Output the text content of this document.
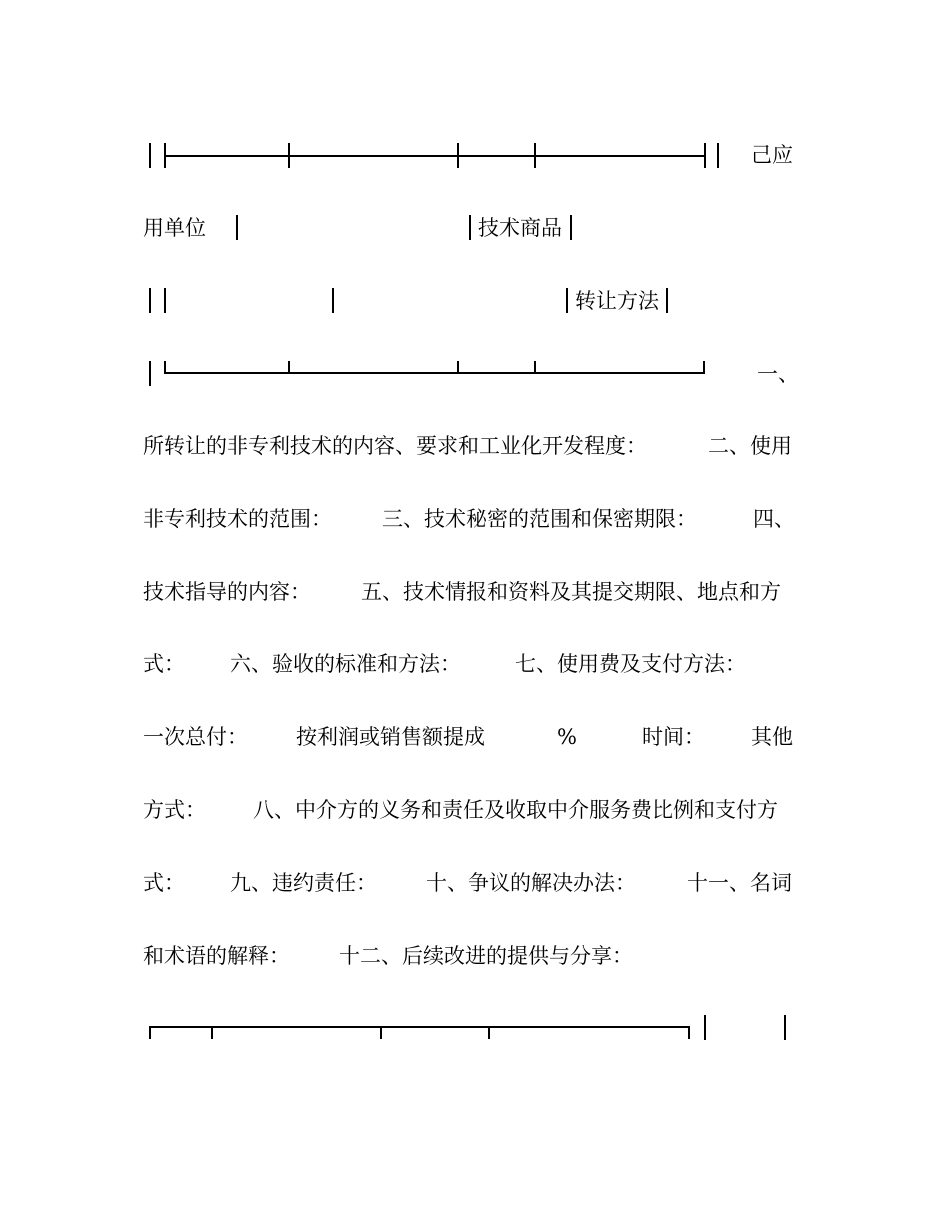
己应
用单位	技术商品
转让方法
一、
所转让的非专利技术的内容、要求和工业化开发程度：	二、使用
非专利技术的范围： 三、技术秘密的范围和保密期限：	四、
技术指导的内容： 五、技术情报和资料及其提交期限、地点和方
式： 六、验收的标准和方法：	七、使用费及支付方法：
一次总付： 按利润或销售额提成	%	时间： 其他
方式： 八、中介方的义务和责任及收取中介服务费比例和支付方
式： 九、违约责任： 十、争议的解决办法： 十一、名词
和术语的解释： 十二、后续改进的提供与分享：
